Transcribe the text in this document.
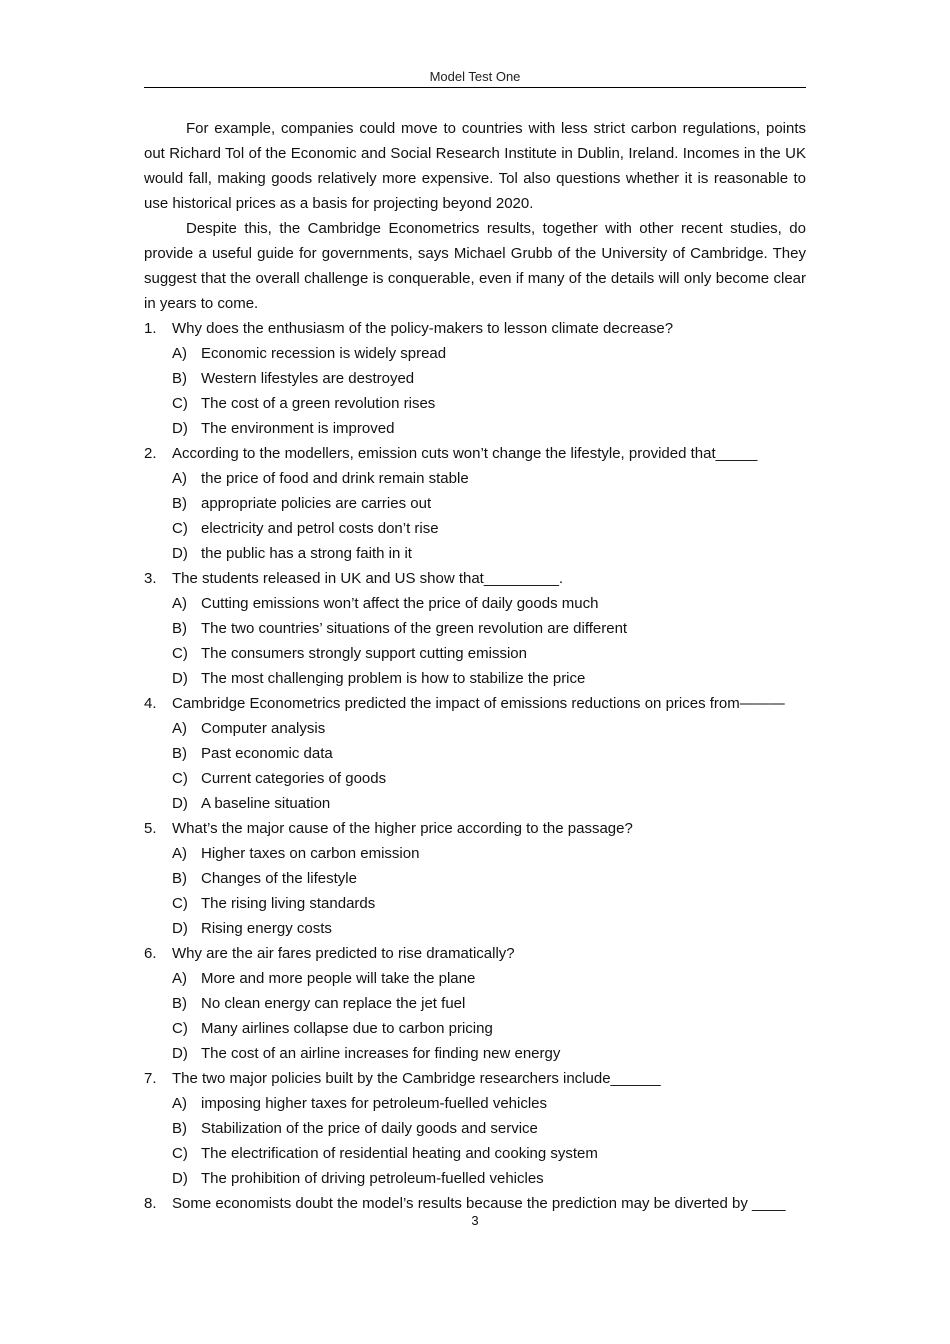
Model Test One

For example, companies could move to countries with less strict carbon regulations, points out Richard Tol of the Economic and Social Research Institute in Dublin, Ireland. Incomes in the UK would fall, making goods relatively more expensive. Tol also questions whether it is reasonable to use historical prices as a basis for projecting beyond 2020.

Despite this, the Cambridge Econometrics results, together with other recent studies, do provide a useful guide for governments, says Michael Grubb of the University of Cambridge. They suggest that the overall challenge is conquerable, even if many of the details will only become clear in years to come.

1.	Why does the enthusiasm of the policy-makers to lesson climate decrease?
A) Economic recession is widely spread
B) Western lifestyles are destroyed
C) The cost of a green revolution rises
D) The environment is improved
2.	According to the modellers, emission cuts won’t change the lifestyle, provided that_____
A) the price of food and drink remain stable
B) appropriate policies are carries out
C) electricity and petrol costs don’t rise
D) the public has a strong faith in it
3.	The students released in UK and US show that_________.
A) Cutting emissions won’t affect the price of daily goods much
B) The two countries’ situations of the green revolution are different
C) The consumers strongly support cutting emission
D) The most challenging problem is how to stabilize the price
4.	Cambridge Econometrics predicted the impact of emissions reductions on prices from———
A) Computer analysis
B) Past economic data
C) Current categories of goods
D) A baseline situation
5.	What’s the major cause of the higher price according to the passage?
A) Higher taxes on carbon emission
B) Changes of the lifestyle
C) The rising living standards
D) Rising energy costs
6.	Why are the air fares predicted to rise dramatically?
A) More and more people will take the plane
B) No clean energy can replace the jet fuel
C) Many airlines collapse due to carbon pricing
D) The cost of an airline increases for finding new energy
7.	The two major policies built by the Cambridge researchers include______
A) imposing higher taxes for petroleum-fuelled vehicles
B) Stabilization of the price of daily goods and service
C) The electrification of residential heating and cooking system
D) The prohibition of driving petroleum-fuelled vehicles
8.	Some economists doubt the model’s results because the prediction may be diverted by ____
3
